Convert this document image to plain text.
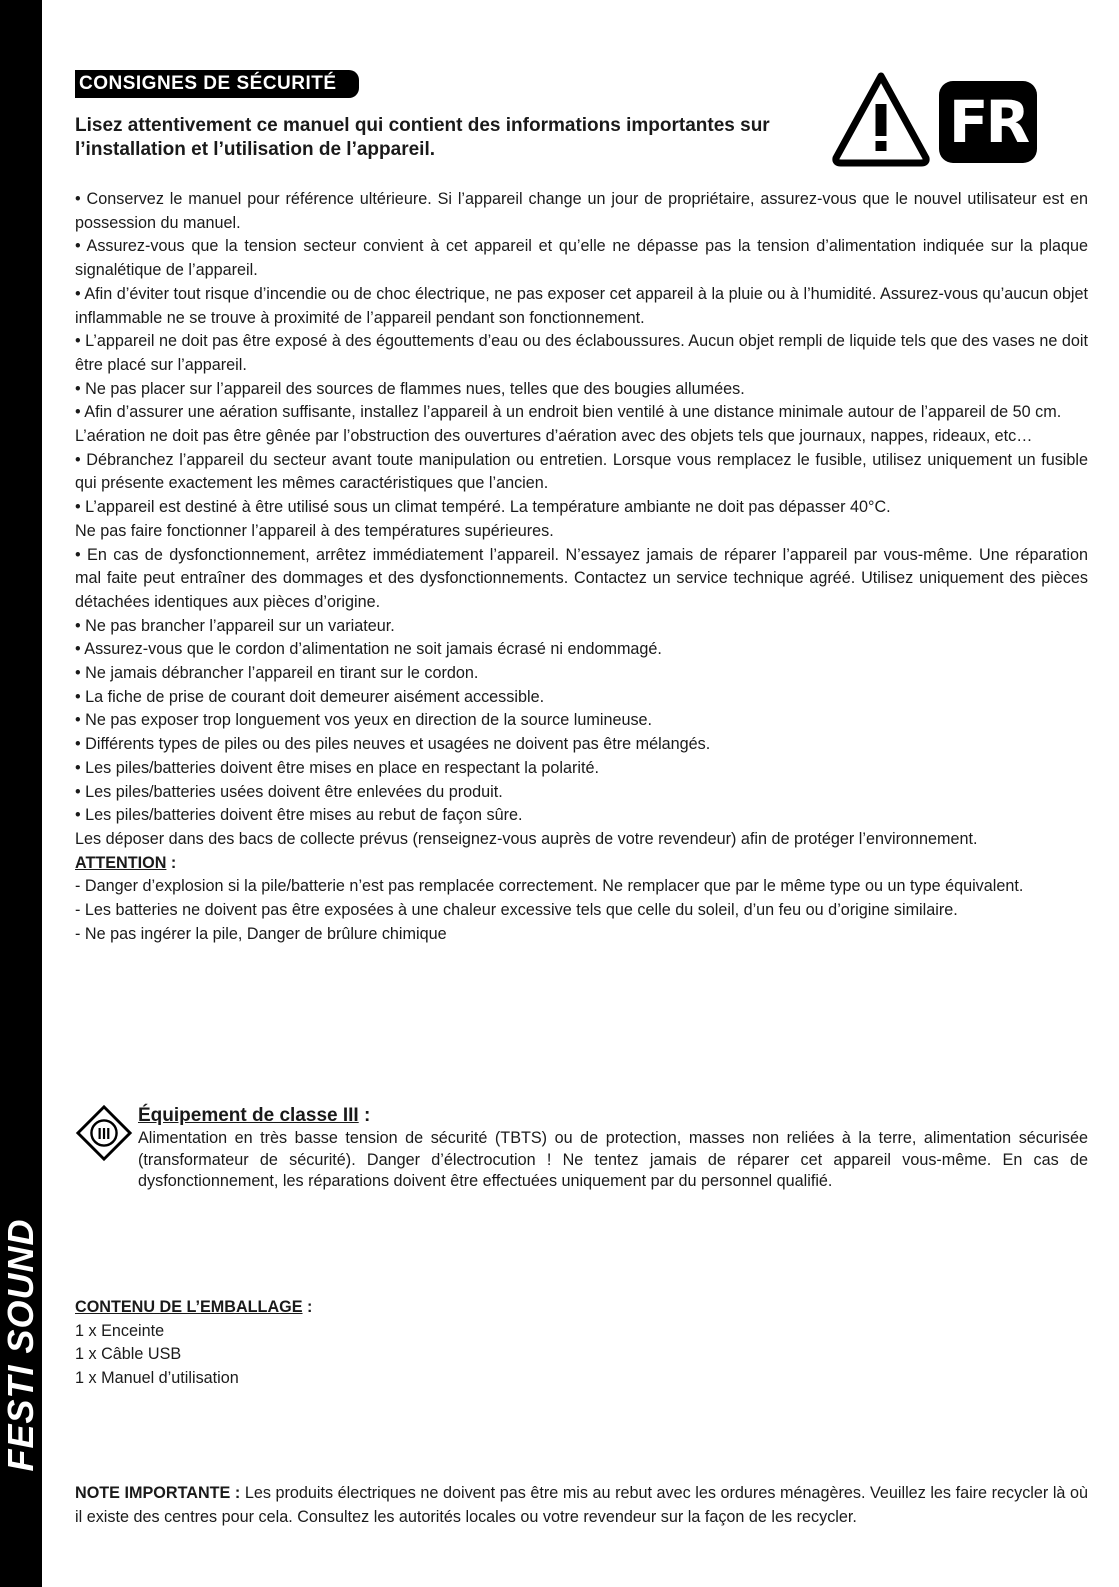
FESTI SOUND
CONSIGNES DE SÉCURITÉ
Lisez attentivement ce manuel qui contient des informations importantes sur l’installation et l’utilisation de l’appareil.	FR

• Conservez le manuel pour référence ultérieure. Si l’appareil change un jour de propriétaire, assurez-vous que le nouvel utilisateur est en possession du manuel.

• Assurez-vous que la tension secteur convient à cet appareil et qu’elle ne dépasse pas la tension d’alimentation indiquée sur la plaque signalétique de l’appareil.

• Afin d’éviter tout risque d’incendie ou de choc électrique, ne pas exposer cet appareil à la pluie ou à l’humidité. Assurez-vous qu’aucun objet inflammable ne se trouve à proximité de l’appareil pendant son fonctionnement.

• L’appareil ne doit pas être exposé à des égouttements d’eau ou des éclaboussures. Aucun objet rempli de liquide tels que des vases ne doit être placé sur l’appareil.

• Ne pas placer sur l’appareil des sources de flammes nues, telles que des bougies allumées.

• Afin d’assurer une aération suffisante, installez l’appareil à un endroit bien ventilé à une distance minimale autour de l’appareil de 50 cm.

L’aération ne doit pas être gênée par l’obstruction des ouvertures d’aération avec des objets tels que journaux, nappes, rideaux, etc…

• Débranchez l’appareil du secteur avant toute manipulation ou entretien. Lorsque vous remplacez le fusible, utilisez uniquement un fusible qui présente exactement les mêmes caractéristiques que l’ancien.

• L’appareil est destiné à être utilisé sous un climat tempéré. La température ambiante ne doit pas dépasser 40°C.

Ne pas faire fonctionner l’appareil à des températures supérieures.

• En cas de dysfonctionnement, arrêtez immédiatement l’appareil. N’essayez jamais de réparer l’appareil par vous-même. Une réparation mal faite peut entraîner des dommages et des dysfonctionnements. Contactez un service technique agréé. Utilisez uniquement des pièces détachées identiques aux pièces d’origine.

• Ne pas brancher l’appareil sur un variateur.

• Assurez-vous que le cordon d’alimentation ne soit jamais écrasé ni endommagé.

• Ne jamais débrancher l’appareil en tirant sur le cordon.

• La fiche de prise de courant doit demeurer aisément accessible.

• Ne pas exposer trop longuement vos yeux en direction de la source lumineuse.

• Différents types de piles ou des piles neuves et usagées ne doivent pas être mélangés.

• Les piles/batteries doivent être mises en place en respectant la polarité.

• Les piles/batteries usées doivent être enlevées du produit.

• Les piles/batteries doivent être mises au rebut de façon sûre.

Les déposer dans des bacs de collecte prévus (renseignez-vous auprès de votre revendeur) afin de protéger l’environnement.

ATTENTION :

- Danger d’explosion si la pile/batterie n’est pas remplacée correctement. Ne remplacer que par le même type ou un type équivalent.

- Les batteries ne doivent pas être exposées à une chaleur excessive tels que celle du soleil, d’un feu ou d’origine similaire.

- Ne pas ingérer la pile, Danger de brûlure chimique

III
Équipement de classe III :
Alimentation en très basse tension de sécurité (TBTS) ou de protection, masses non reliées à la terre, alimentation sécurisée (transformateur de sécurité). Danger d’électrocution ! Ne tentez jamais de réparer cet appareil vous-même. En cas de dysfonctionnement, les réparations doivent être effectuées uniquement par du personnel qualifié.

CONTENU DE L’EMBALLAGE :

1 x Enceinte

1 x Câble USB

1 x Manuel d’utilisation

NOTE IMPORTANTE : Les produits électriques ne doivent pas être mis au rebut avec les ordures ménagères. Veuillez les faire recycler là où il existe des centres pour cela. Consultez les autorités locales ou votre revendeur sur la façon de les recycler.
